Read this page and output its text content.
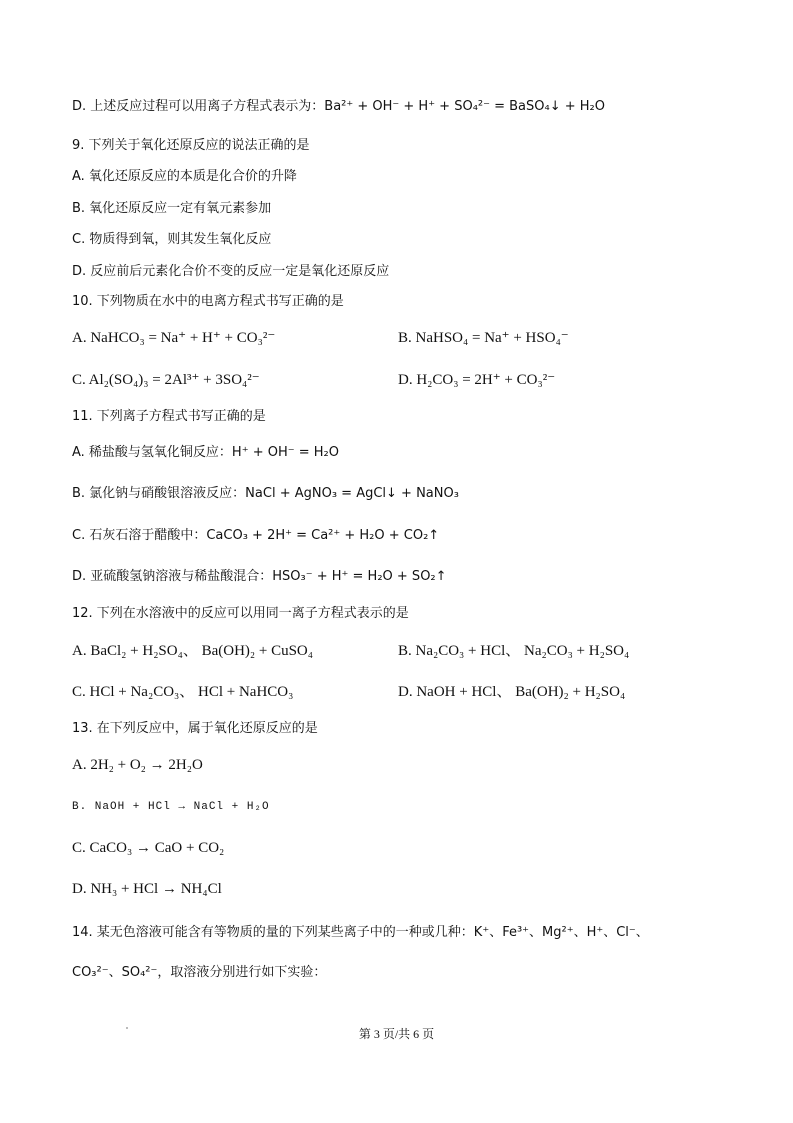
D. 上述反应过程可以用离子方程式表示为：Ba²⁺ + OH⁻ + H⁺ + SO₄²⁻ = BaSO₄↓ + H₂O
9. 下列关于氧化还原反应的说法正确的是
A. 氧化还原反应的本质是化合价的升降
B. 氧化还原反应一定有氧元素参加
C. 物质得到氧，则其发生氧化反应
D. 反应前后元素化合价不变的反应一定是氧化还原反应
10. 下列物质在水中的电离方程式书写正确的是
A. NaHCO₃ = Na⁺ + H⁺ + CO₃²⁻	B. NaHSO₄ = Na⁺ + HSO₄⁻
C. Al₂(SO₄)₃ = 2Al³⁺ + 3SO₄²⁻	D. H₂CO₃ = 2H⁺ + CO₃²⁻
11. 下列离子方程式书写正确的是
A. 稀盐酸与氢氧化铜反应：H⁺ + OH⁻ = H₂O
B. 氯化钠与硝酸银溶液反应：NaCl + AgNO₃ = AgCl↓ + NaNO₃
C. 石灰石溶于醋酸中：CaCO₃ + 2H⁺ = Ca²⁺ + H₂O + CO₂↑
D. 亚硫酸氢钠溶液与稀盐酸混合：HSO₃⁻ + H⁺ = H₂O + SO₂↑
12. 下列在水溶液中的反应可以用同一离子方程式表示的是
A. BaCl₂ + H₂SO₄、 Ba(OH)₂ + CuSO₄	B. Na₂CO₃ + HCl、 Na₂CO₃ + H₂SO₄
C. HCl + Na₂CO₃、 HCl + NaHCO₃	D. NaOH + HCl、 Ba(OH)₂ + H₂SO₄
13. 在下列反应中，属于氧化还原反应的是
A. 2H₂ + O₂ → 2H₂O
B. NaOH + HCl → NaCl + H₂O
C. CaCO₃ → CaO + CO₂
D. NH₃ + HCl → NH₄Cl
14. 某无色溶液可能含有等物质的量的下列某些离子中的一种或几种：K⁺、Fe³⁺、Mg²⁺、H⁺、Cl⁻、
CO₃²⁻、SO₄²⁻，取溶液分别进行如下实验：
第 3 页/共 6 页
